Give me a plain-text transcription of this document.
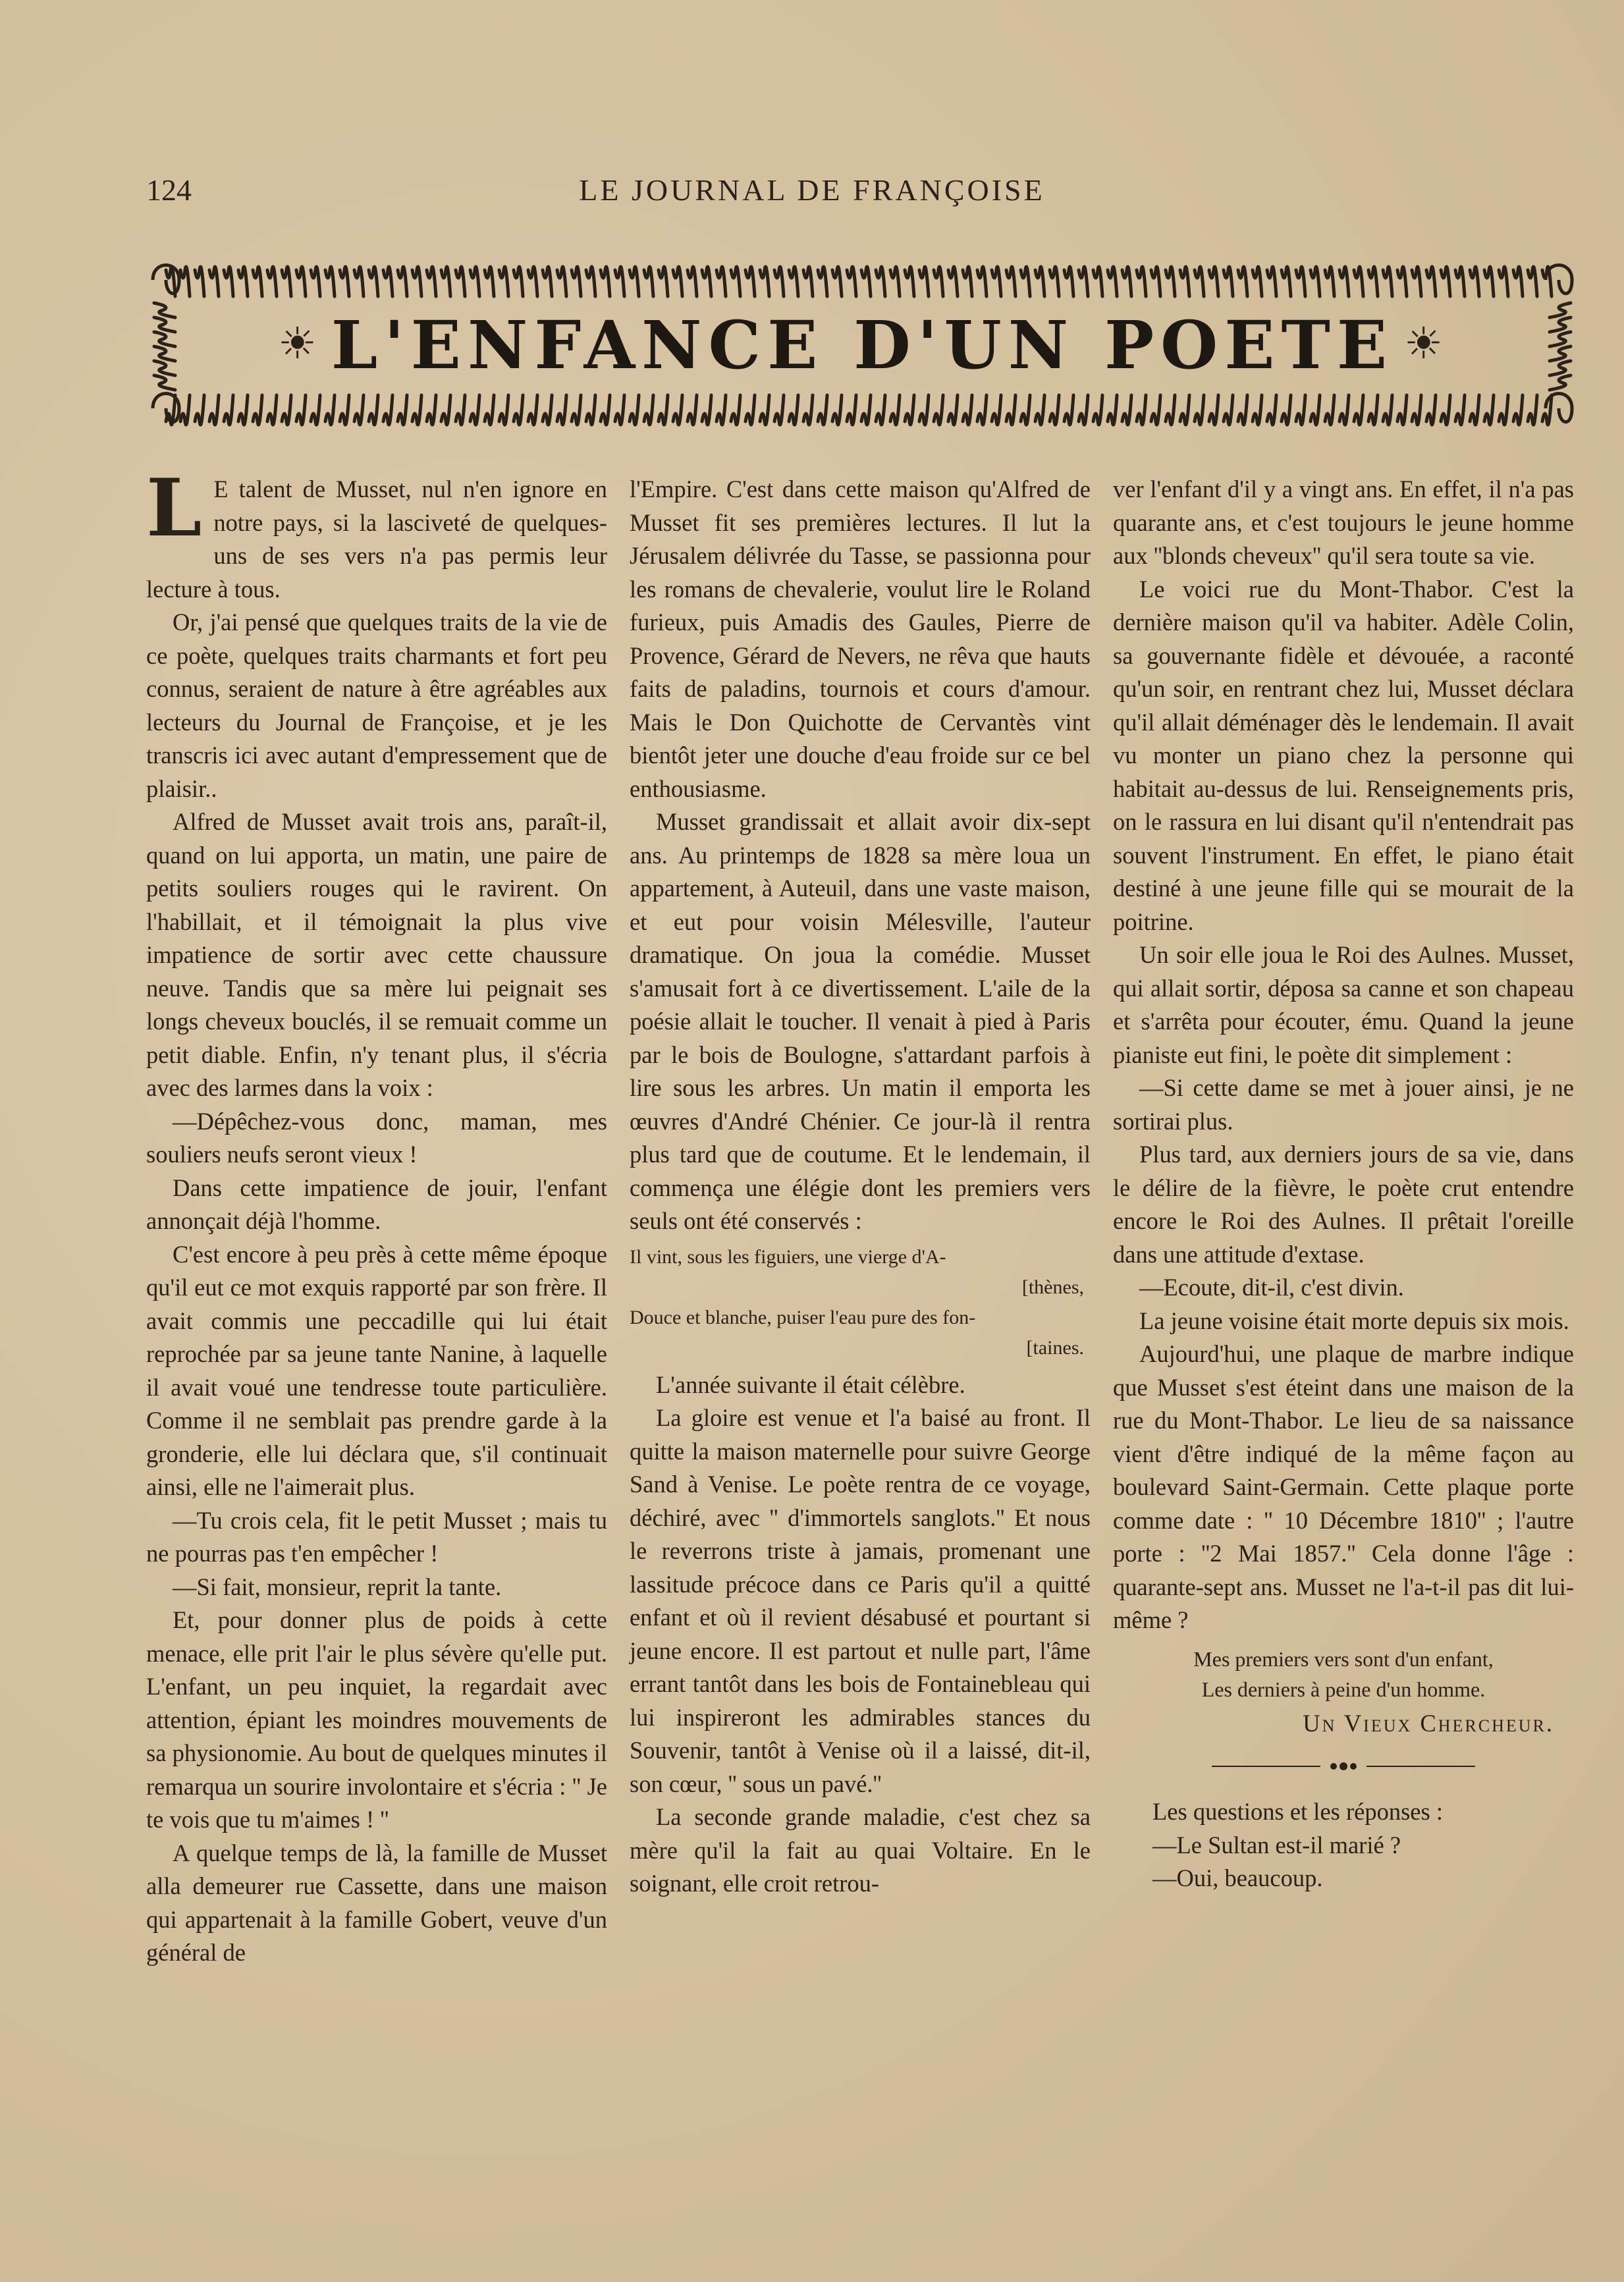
124	LE JOURNAL DE FRANÇOISE
☀	☀
L'ENFANCE D'UN POETE

L E talent de Musset, nul n'en ignore en notre pays, si la lasciveté de quelques-uns de ses vers n'a pas permis leur lecture à tous.

Or, j'ai pensé que quelques traits de la vie de ce poète, quelques traits charmants et fort peu connus, seraient de nature à être agréables aux lecteurs du Journal de Françoise, et je les transcris ici avec autant d'empressement que de plaisir..

Alfred de Musset avait trois ans, paraît-il, quand on lui apporta, un matin, une paire de petits souliers rouges qui le ravirent. On l'habillait, et il témoignait la plus vive impatience de sortir avec cette chaussure neuve. Tandis que sa mère lui peignait ses longs cheveux bouclés, il se remuait comme un petit diable. Enfin, n'y tenant plus, il s'écria avec des larmes dans la voix :

—Dépêchez-vous donc, maman, mes souliers neufs seront vieux !

Dans cette impatience de jouir, l'enfant annonçait déjà l'homme.

C'est encore à peu près à cette même époque qu'il eut ce mot exquis rapporté par son frère. Il avait commis une peccadille qui lui était reprochée par sa jeune tante Nanine, à laquelle il avait voué une tendresse toute particulière. Comme il ne semblait pas prendre garde à la gronderie, elle lui déclara que, s'il continuait ainsi, elle ne l'aimerait plus.

—Tu crois cela, fit le petit Musset ; mais tu ne pourras pas t'en empêcher !

—Si fait, monsieur, reprit la tante.

Et, pour donner plus de poids à cette menace, elle prit l'air le plus sévère qu'elle put. L'enfant, un peu inquiet, la regardait avec attention, épiant les moindres mouvements de sa physionomie. Au bout de quelques minutes il remarqua un sourire involontaire et s'écria : '' Je te vois que tu m'aimes ! ''

A quelque temps de là, la famille de Musset alla demeurer rue Cassette, dans une maison qui appartenait à la famille Gobert, veuve d'un général de

l'Empire. C'est dans cette maison qu'Alfred de Musset fit ses premières lectures. Il lut la Jérusalem délivrée du Tasse, se passionna pour les romans de chevalerie, voulut lire le Roland furieux, puis Amadis des Gaules, Pierre de Provence, Gérard de Nevers, ne rêva que hauts faits de paladins, tournois et cours d'amour. Mais le Don Quichotte de Cervantès vint bientôt jeter une douche d'eau froide sur ce bel enthousiasme.

Musset grandissait et allait avoir dix-sept ans. Au printemps de 1828 sa mère loua un appartement, à Auteuil, dans une vaste maison, et eut pour voisin Mélesville, l'auteur dramatique. On joua la comédie. Musset s'amusait fort à ce divertissement. L'aile de la poésie allait le toucher. Il venait à pied à Paris par le bois de Boulogne, s'attardant parfois à lire sous les arbres. Un matin il emporta les œuvres d'André Chénier. Ce jour-là il rentra plus tard que de coutume. Et le lendemain, il commença une élégie dont les premiers vers seuls ont été conservés :

Il vint, sous les figuiers, une vierge d'A-
[thènes,
Douce et blanche, puiser l'eau pure des fon-
[taines.

L'année suivante il était célèbre.

La gloire est venue et l'a baisé au front. Il quitte la maison maternelle pour suivre George Sand à Venise. Le poète rentra de ce voyage, déchiré, avec '' d'immortels sanglots.'' Et nous le reverrons triste à jamais, promenant une lassitude précoce dans ce Paris qu'il a quitté enfant et où il revient désabusé et pourtant si jeune encore. Il est partout et nulle part, l'âme errant tantôt dans les bois de Fontainebleau qui lui inspireront les admirables stances du Souvenir, tantôt à Venise où il a laissé, dit-il, son cœur, '' sous un pavé.''

La seconde grande maladie, c'est chez sa mère qu'il la fait au quai Voltaire. En le soignant, elle croit retrou-

ver l'enfant d'il y a vingt ans. En effet, il n'a pas quarante ans, et c'est toujours le jeune homme aux ''blonds cheveux'' qu'il sera toute sa vie.

Le voici rue du Mont-Thabor. C'est la dernière maison qu'il va habiter. Adèle Colin, sa gouvernante fidèle et dévouée, a raconté qu'un soir, en rentrant chez lui, Musset déclara qu'il allait déménager dès le lendemain. Il avait vu monter un piano chez la personne qui habitait au-dessus de lui. Renseignements pris, on le rassura en lui disant qu'il n'entendrait pas souvent l'instrument. En effet, le piano était destiné à une jeune fille qui se mourait de la poitrine.

Un soir elle joua le Roi des Aulnes. Musset, qui allait sortir, déposa sa canne et son chapeau et s'arrêta pour écouter, ému. Quand la jeune pianiste eut fini, le poète dit simplement :

—Si cette dame se met à jouer ainsi, je ne sortirai plus.

Plus tard, aux derniers jours de sa vie, dans le délire de la fièvre, le poète crut entendre encore le Roi des Aulnes. Il prêtait l'oreille dans une attitude d'extase.

—Ecoute, dit-il, c'est divin.

La jeune voisine était morte depuis six mois.

Aujourd'hui, une plaque de marbre indique que Musset s'est éteint dans une maison de la rue du Mont-Thabor. Le lieu de sa naissance vient d'être indiqué de la même façon au boulevard Saint-Germain. Cette plaque porte comme date : '' 10 Décembre 1810'' ; l'autre porte : ''2 Mai 1857.'' Cela donne l'âge : quarante-sept ans. Musset ne l'a-t-il pas dit lui-même ?

Mes premiers vers sont d'un enfant,
Les derniers à peine d'un homme.

Un Vieux Chercheur.

Les questions et les réponses :

—Le Sultan est-il marié ?

—Oui, beaucoup.
